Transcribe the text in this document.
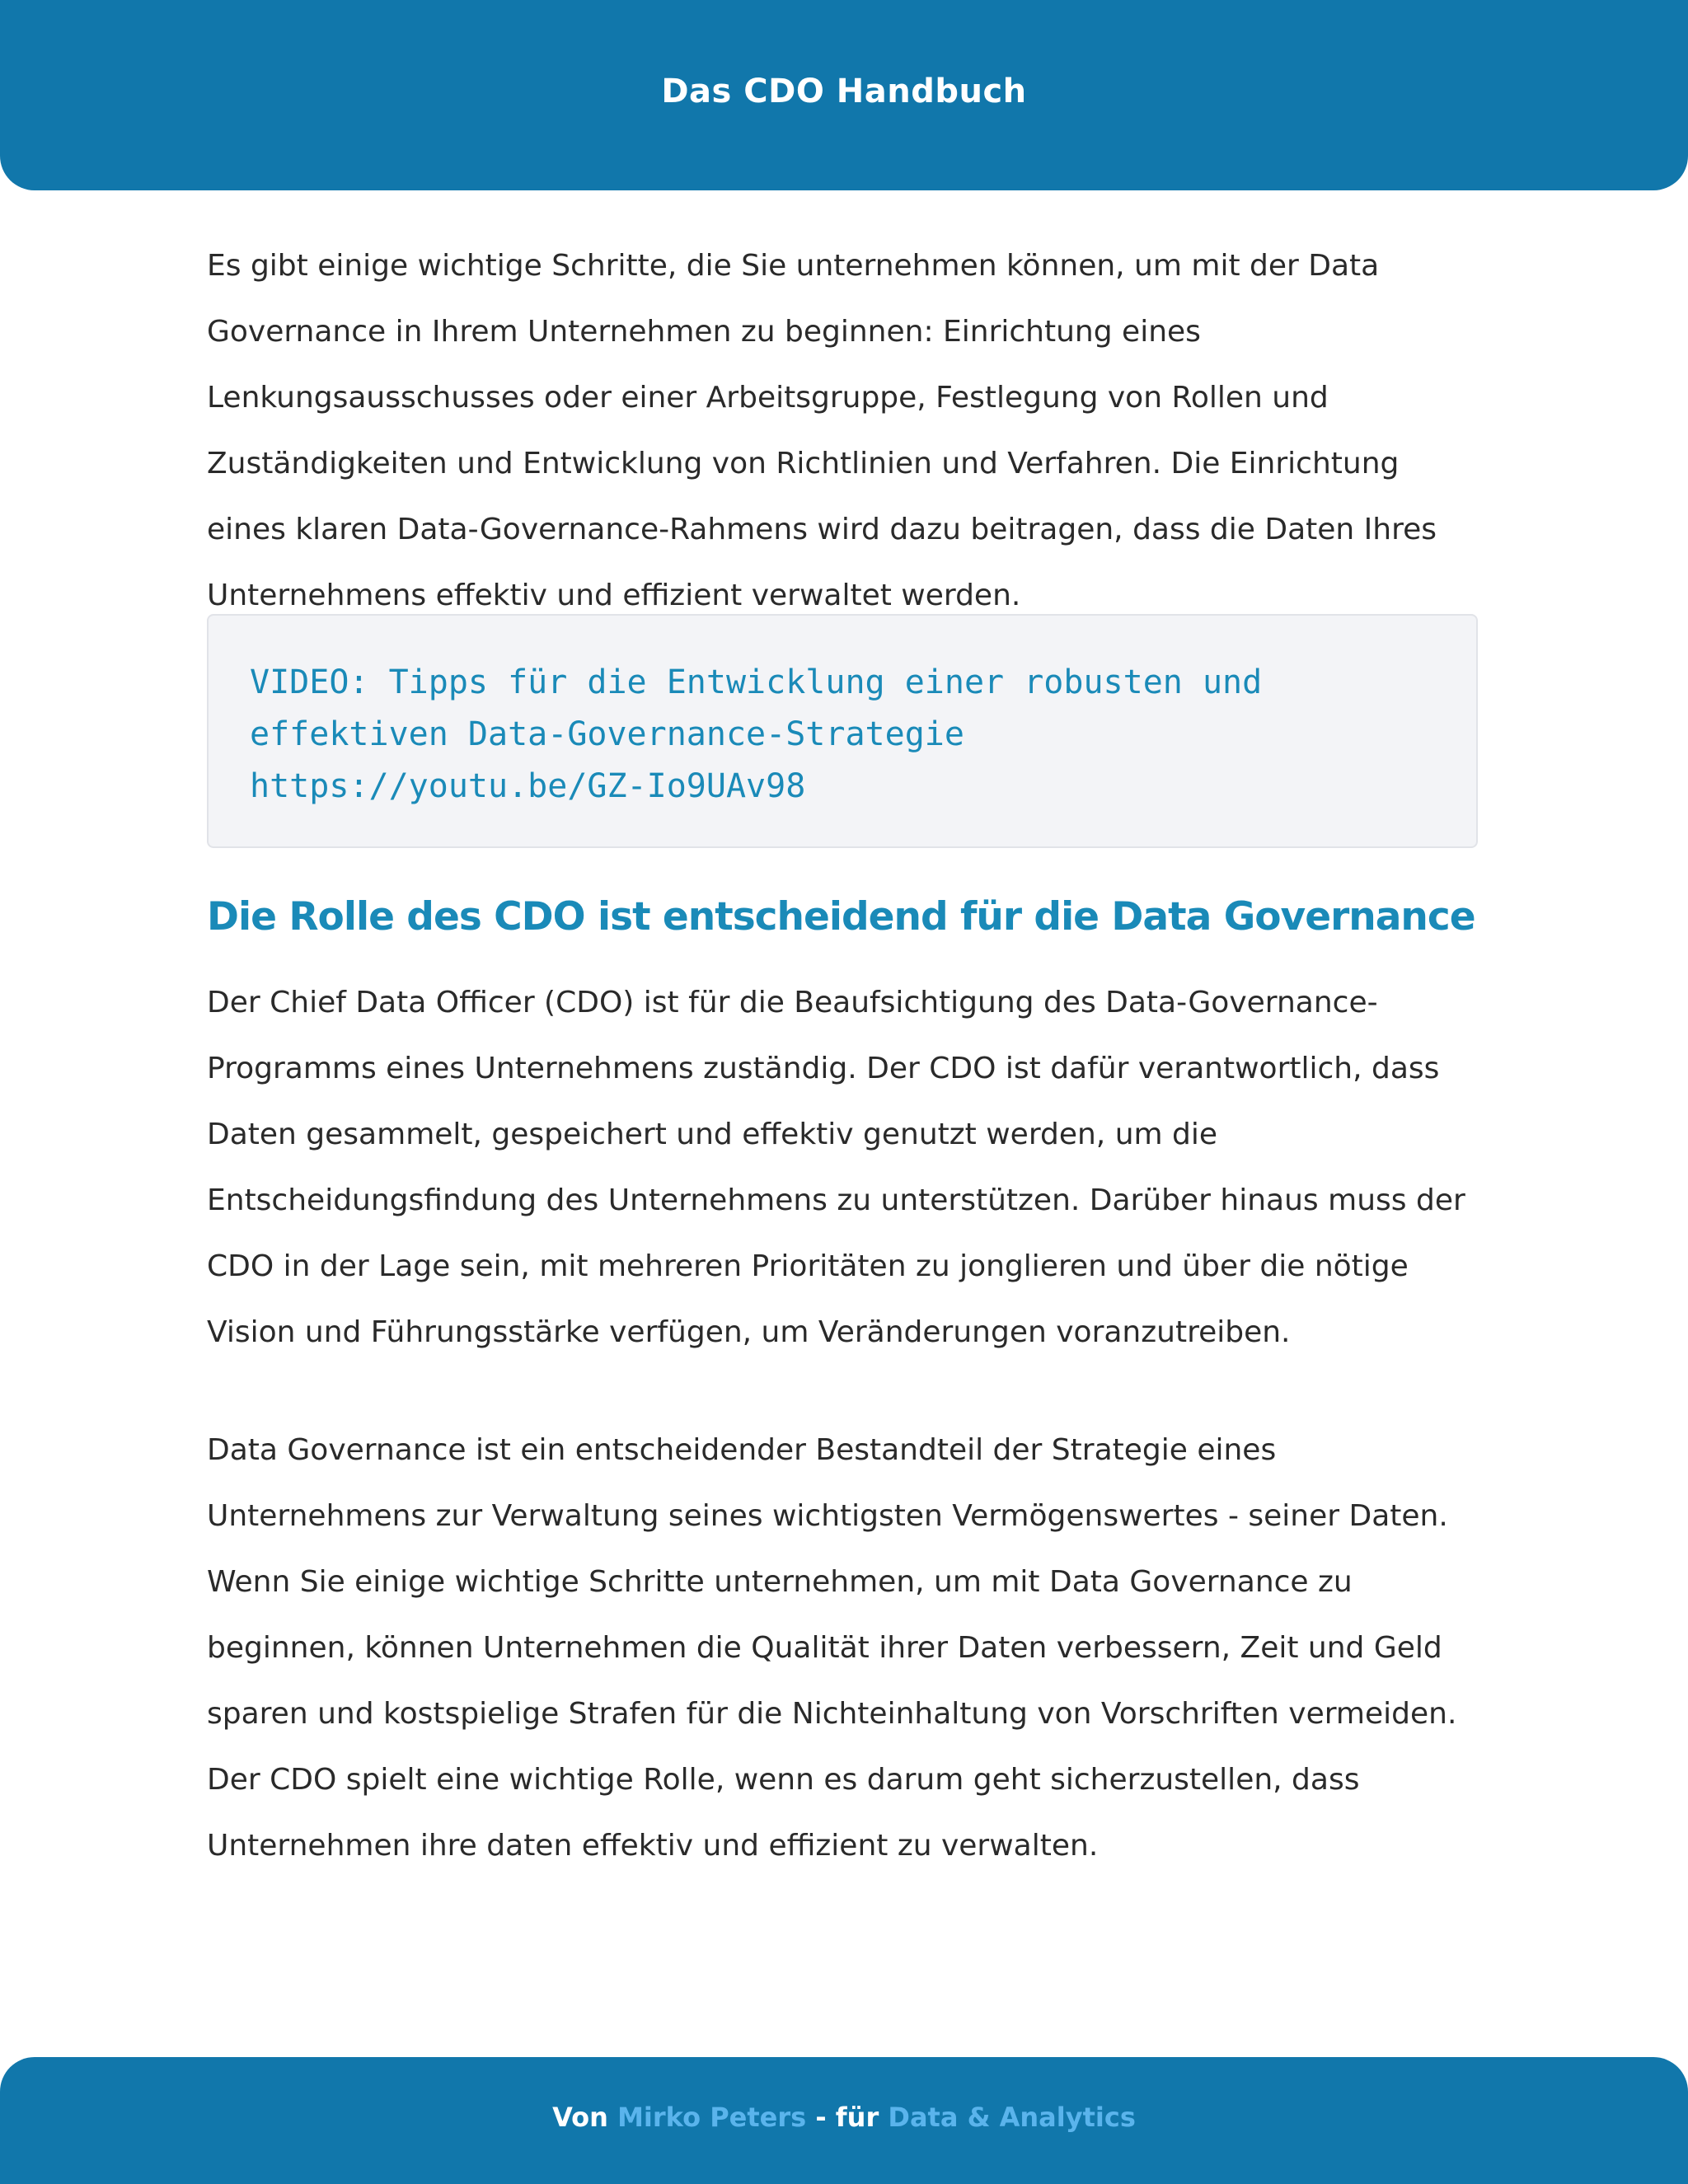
Das CDO Handbuch

Es gibt einige wichtige Schritte, die Sie unternehmen können, um mit der Data Governance in Ihrem Unternehmen zu beginnen: Einrichtung eines Lenkungsausschusses oder einer Arbeitsgruppe, Festlegung von Rollen und Zuständigkeiten und Entwicklung von Richtlinien und Verfahren. Die Einrichtung eines klaren Data-Governance-Rahmens wird dazu beitragen, dass die Daten Ihres Unternehmens effektiv und effizient verwaltet werden.

VIDEO: Tipps für die Entwicklung einer robusten und effektiven Data-Governance-Strategie
https://youtu.be/GZ-Io9UAv98

Die Rolle des CDO ist entscheidend für die Data Governance

Der Chief Data Officer (CDO) ist für die Beaufsichtigung des Data-Governance-Programms eines Unternehmens zuständig. Der CDO ist dafür verantwortlich, dass Daten gesammelt, gespeichert und effektiv genutzt werden, um die Entscheidungsfindung des Unternehmens zu unterstützen. Darüber hinaus muss der CDO in der Lage sein, mit mehreren Prioritäten zu jonglieren und über die nötige Vision und Führungsstärke verfügen, um Veränderungen voranzutreiben.

Data Governance ist ein entscheidender Bestandteil der Strategie eines Unternehmens zur Verwaltung seines wichtigsten Vermögenswertes - seiner Daten. Wenn Sie einige wichtige Schritte unternehmen, um mit Data Governance zu beginnen, können Unternehmen die Qualität ihrer Daten verbessern, Zeit und Geld sparen und kostspielige Strafen für die Nichteinhaltung von Vorschriften vermeiden. Der CDO spielt eine wichtige Rolle, wenn es darum geht sicherzustellen, dass Unternehmen ihre daten effektiv und effizient zu verwalten.

Von Mirko Peters - für Data & Analytics
